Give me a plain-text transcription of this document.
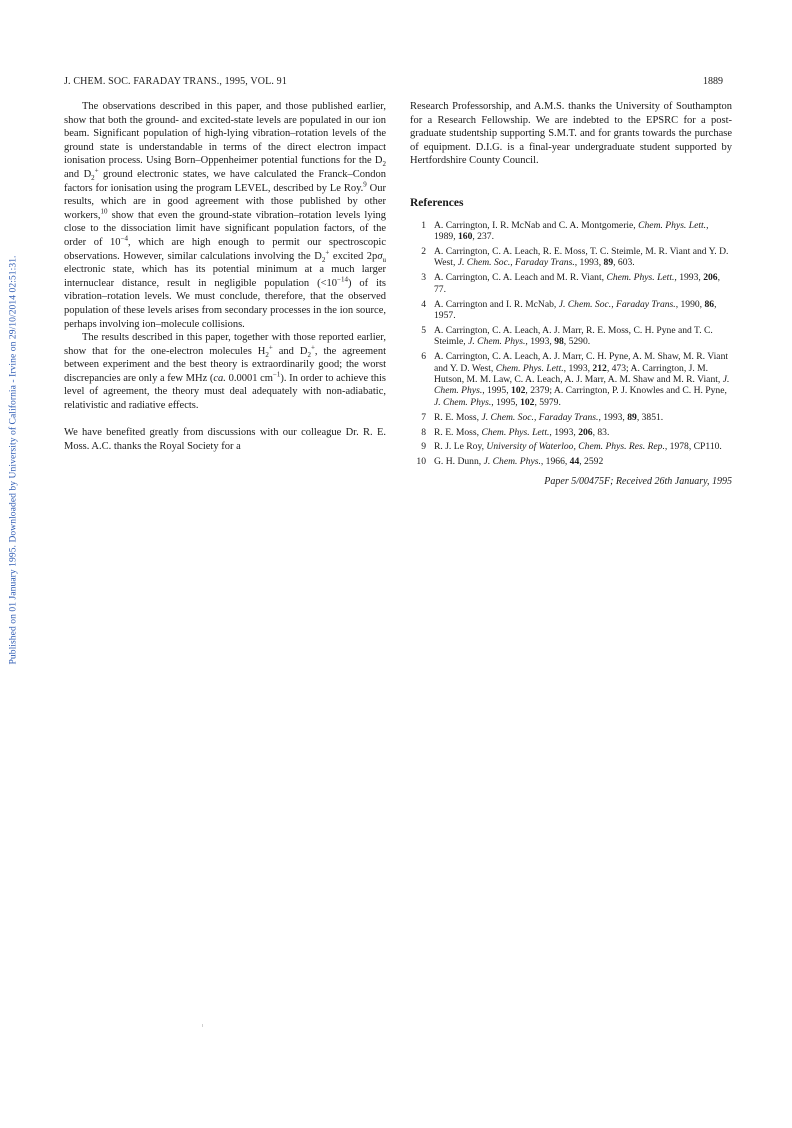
Published on 01 January 1995. Downloaded by University of California - Irvine on 29/10/2014 02:51:31.
J. CHEM. SOC. FARADAY TRANS., 1995, VOL. 91	1889

The observations described in this paper, and those published earlier, show that both the ground- and excited-state levels are populated in our ion beam. Significant population of high-lying vibration–rotation levels of the ground state is understandable in terms of the direct electron impact ionisation process. Using Born–Oppenheimer potential functions for the $D_2$ and $D_2^+$ ground electronic states, we have calculated the Franck–Condon factors for ionisation using the program LEVEL, described by Le Roy.$^9$ Our results, which are in good agreement with those published by other workers,$^{10}$ show that even the ground-state vibration–rotation levels lying close to the dissociation limit have significant population factors, of the order of $10^{-4}$, which are high enough to permit our spectroscopic observations. However, similar calculations involving the $D_2^+$ excited $2p\sigma_u$ electronic state, which has its potential minimum at a much larger internuclear distance, result in negligible population $(<10^{-14})$ of its vibration–rotation levels. We must conclude, therefore, that the observed population of these levels arises from secondary processes in the ion source, perhaps involving ion–molecule collisions.

The results described in this paper, together with those reported earlier, show that for the one-electron molecules $H_2^+$ and $D_2^+$, the agreement between experiment and the best theory is extraordinarily good; the worst discrepancies are only a few MHz (ca. 0.0001 $cm^{-1}$). In order to achieve this level of agreement, the theory must deal adequately with non-adiabatic, relativistic and radiative effects.

We have benefited greatly from discussions with our colleague Dr. R. E. Moss. A.C. thanks the Royal Society for a

Research Professorship, and A.M.S. thanks the University of Southampton for a Research Fellowship. We are indebted to the EPSRC for a post-graduate studentship supporting S.M.T. and for grants towards the purchase of equipment. D.I.G. is a final-year undergraduate student supported by Hertfordshire County Council.

References
1 A. Carrington, I. R. McNab and C. A. Montgomerie, Chem. Phys. Lett., 1989, 160, 237.
2 A. Carrington, C. A. Leach, R. E. Moss, T. C. Steimle, M. R. Viant and Y. D. West, J. Chem. Soc., Faraday Trans., 1993, 89, 603.
3 A. Carrington, C. A. Leach and M. R. Viant, Chem. Phys. Lett., 1993, 206, 77.
4 A. Carrington and I. R. McNab, J. Chem. Soc., Faraday Trans., 1990, 86, 1957.
5 A. Carrington, C. A. Leach, A. J. Marr, R. E. Moss, C. H. Pyne and T. C. Steimle, J. Chem. Phys., 1993, 98, 5290.
6 A. Carrington, C. A. Leach, A. J. Marr, C. H. Pyne, A. M. Shaw, M. R. Viant and Y. D. West, Chem. Phys. Lett., 1993, 212, 473; A. Carrington, J. M. Hutson, M. M. Law, C. A. Leach, A. J. Marr, A. M. Shaw and M. R. Viant, J. Chem. Phys., 1995, 102, 2379; A. Carrington, P. J. Knowles and C. H. Pyne, J. Chem. Phys., 1995, 102, 5979.
7 R. E. Moss, J. Chem. Soc., Faraday Trans., 1993, 89, 3851.
8 R. E. Moss, Chem. Phys. Lett., 1993, 206, 83.
9 R. J. Le Roy, University of Waterloo, Chem. Phys. Res. Rep., 1978, CP110.
10 G. H. Dunn, J. Chem. Phys., 1966, 44, 2592
Paper 5/00475F; Received 26th January, 1995
